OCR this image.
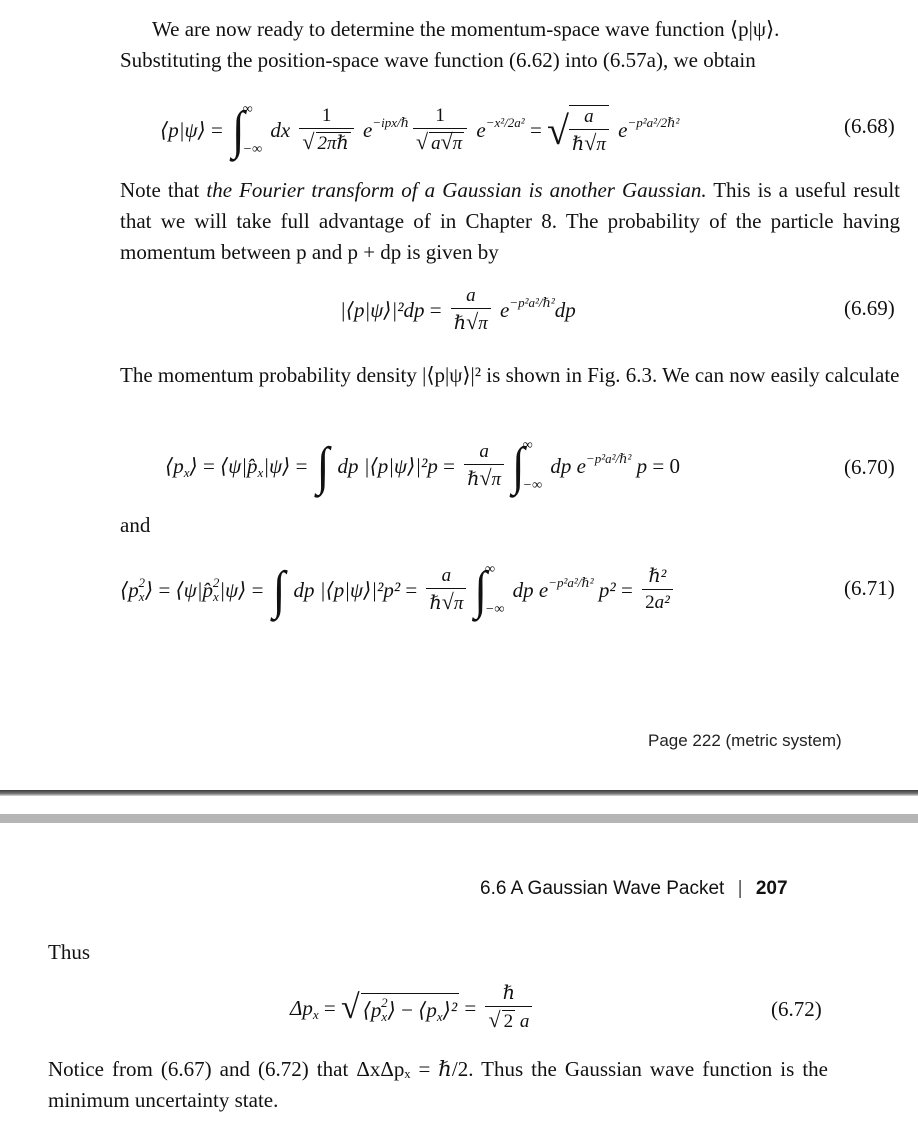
We are now ready to determine the momentum-space wave function ⟨p|ψ⟩.
Substituting the position-space wave function (6.62) into (6.57a), we obtain
⟨p|ψ⟩ = ∫
∞
−∞
dx $\frac{1}{\text{√ 2πℏ}} e^{-ipx/\hbar} \frac{1}{√ a√\pi} e^{-x^2/2a^2}$ = √ $\frac{a}{\text{ℏ√π}} e^{-p^2a^2/2\hbar^2}$	(6.68)
Note that the Fourier transform of a Gaussian is another Gaussian. This is a useful result that we will take full advantage of in Chapter 8. The probability of the particle having momentum between p and p + dp is given by
|⟨p|ψ⟩|²dp = $\frac{a}{\text{ℏ√π}} e^{-p^2a^2/\hbar^2}dp$	(6.69)
The momentum probability density |⟨p|ψ⟩|² is shown in Fig. 6.3. We can now easily calculate
$⟨p_x⟩$ = $⟨\psi|p̂_x|\psi⟩$ = ∫ dp |⟨p|ψ⟩|²p = $\frac{a}{\text{ℏ√π}}$ ∫
∞
−∞
dp $e^{-p^2a^2/\hbar^2}$ p = 0	(6.70)
and
$⟨p_x^2⟩$ = $⟨\psi|p̂_x^2|\psi⟩$ = ∫ dp |⟨p|ψ⟩|²p² = $\frac{a}{\text{ℏ√π}}$ ∫
∞
−∞
dp $e^{-p^2a^2/\hbar^2}$ $p^2 = \frac{\text{ℏ²}}{\text{2a²}}$	(6.71)
Page 222 (metric system)
6.6 A Gaussian Wave Packet | 207
Thus
$\Delta p_x$ = √ $⟨p_x^2⟩$ − $⟨p_x⟩^2 = \frac{\text{ℏ}}{√ 2 a}$	(6.72)
Notice from (6.67) and (6.72) that ΔxΔpₓ = ℏ/2. Thus the Gaussian wave function is the minimum uncertainty state.
